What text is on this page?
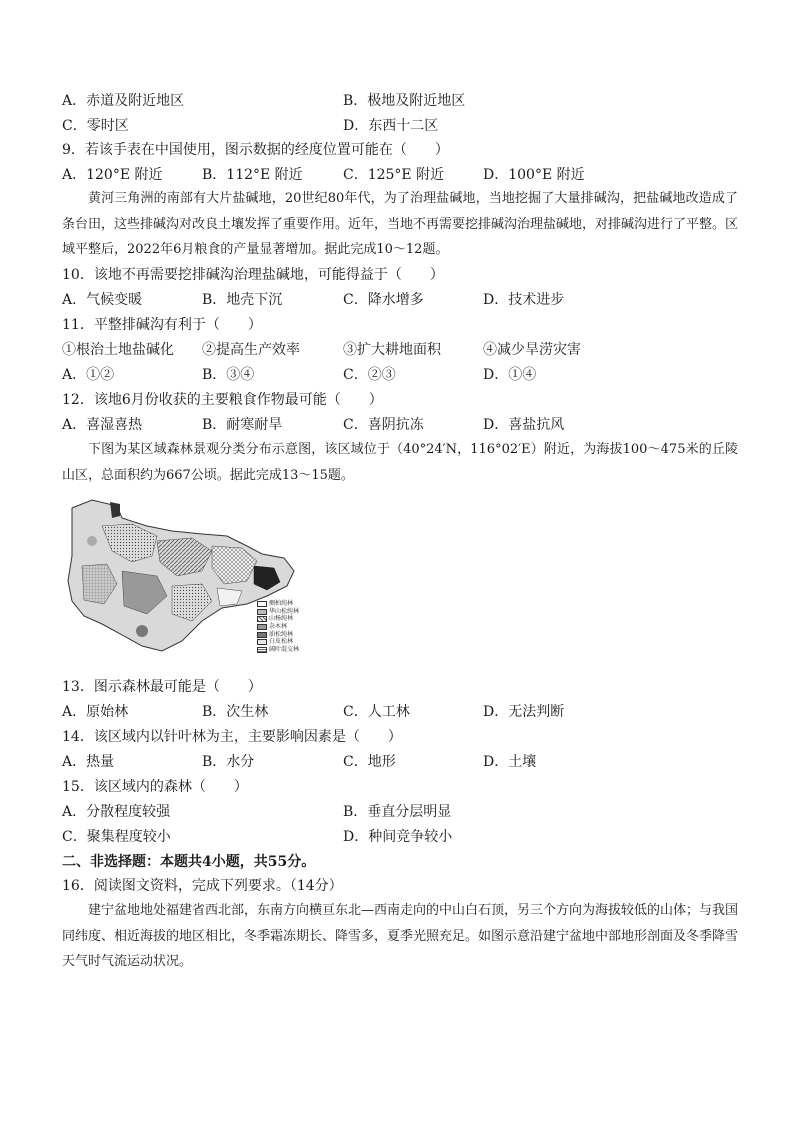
A．赤道及附近地区	B．极地及附近地区
C．零时区	D．东西十二区
9．若该手表在中国使用，图示数据的经度位置可能在（　　）
A．120°E 附近	B．112°E 附近	C．125°E 附近	D．100°E 附近
黄河三角洲的南部有大片盐碱地，20世纪80年代，为了治理盐碱地，当地挖掘了大量排碱沟，把盐碱地改造成了条台田，这些排碱沟对改良土壤发挥了重要作用。近年，当地不再需要挖排碱沟治理盐碱地，对排碱沟进行了平整。区域平整后，2022年6月粮食的产量显著增加。据此完成10～12题。
10．该地不再需要挖排碱沟治理盐碱地，可能得益于（　　）
A．气候变暖	B．地壳下沉	C．降水增多	D．技术进步
11．平整排碱沟有利于（　　）
①根治土地盐碱化 ②提高生产效率	③扩大耕地面积	④减少旱涝灾害
A．①②	B．③④	C．②③	D．①④
12．该地6月份收获的主要粮食作物最可能（　　）
A．喜湿喜热	B．耐寒耐旱	C．喜阴抗冻	D．喜盐抗风
下图为某区域森林景观分类分布示意图，该区域位于（40°24′N，116°02′E）附近，为海拔100～475米的丘陵山区，总面积约为667公顷。据此完成13～15题。
侧柏纯林
华山松纯林
山杨纯林
杂木林
油松纯林
白皮松林
阔叶混交林
13．图示森林最可能是（　　）
A．原始林	B．次生林	C．人工林	D．无法判断
14．该区域内以针叶林为主，主要影响因素是（　　）
A．热量	B．水分	C．地形	D．土壤
15．该区域内的森林（　　）
A．分散程度较强	B．垂直分层明显
C．聚集程度较小	D．种间竞争较小
二、非选择题：本题共4小题，共55分。
16．阅读图文资料，完成下列要求。（14分）
建宁盆地地处福建省西北部，东南方向横亘东北—西南走向的中山白石顶，另三个方向为海拔较低的山体；与我国同纬度、相近海拔的地区相比，冬季霜冻期长、降雪多，夏季光照充足。如图示意沿建宁盆地中部地形剖面及冬季降雪天气时气流运动状况。
